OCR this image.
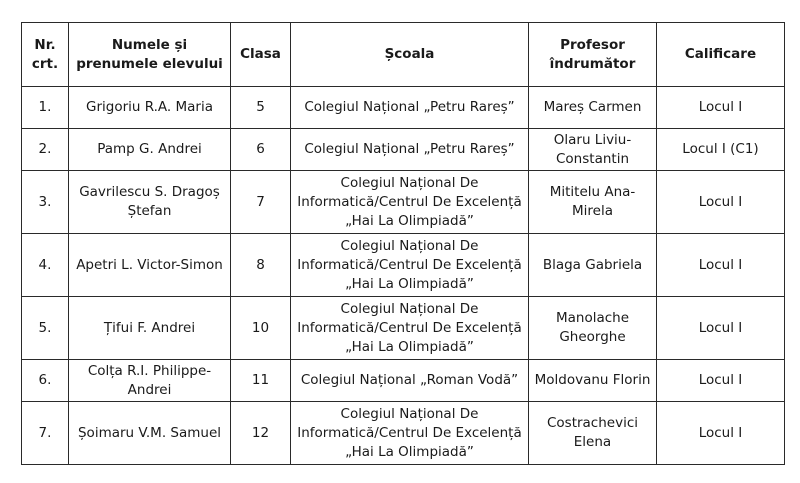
Nr. crt.	Numele și prenumele elevului	Clasa	Școala	Profesor îndrumător	Calificare
1.	Grigoriu R.A. Maria	5	Colegiul Național „Petru Rareș”	Mareș Carmen	Locul I
2.	Pamp G. Andrei	6	Colegiul Național „Petru Rareș”	Olaru Liviu-Constantin	Locul I (C1)
3.	Gavrilescu S. Dragoș Ștefan	7	Colegiul Național De Informatică/Centrul De Excelență „Hai La Olimpiadă”	Mititelu Ana-Mirela	Locul I
4.	Apetri L. Victor-Simon	8	Colegiul Național De Informatică/Centrul De Excelență „Hai La Olimpiadă”	Blaga Gabriela	Locul I
5.	Țifui F. Andrei	10	Colegiul Național De Informatică/Centrul De Excelență „Hai La Olimpiadă”	Manolache Gheorghe	Locul I
6.	Colța R.I. Philippe-Andrei	11	Colegiul Național „Roman Vodă”	Moldovanu Florin	Locul I
7.	Șoimaru V.M. Samuel	12	Colegiul Național De Informatică/Centrul De Excelență „Hai La Olimpiadă”	Costrachevici Elena	Locul I
